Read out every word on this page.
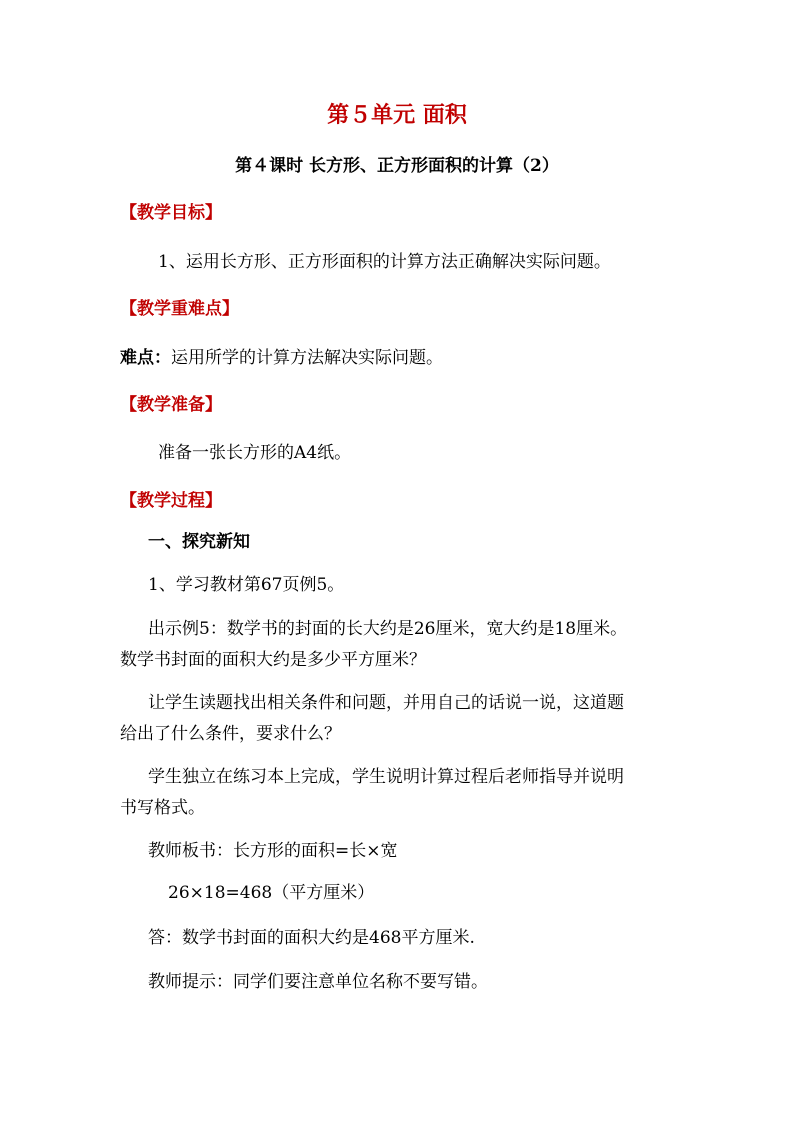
第５单元 面积
第４课时 长方形、正方形面积的计算（2）
【教学目标】
1、运用长方形、正方形面积的计算方法正确解决实际问题。
【教学重难点】
难点：运用所学的计算方法解决实际问题。
【教学准备】
准备一张长方形的A4纸。
【教学过程】
一、探究新知
1、学习教材第67页例5。
出示例5：数学书的封面的长大约是26厘米，宽大约是18厘米。
数学书封面的面积大约是多少平方厘米？
让学生读题找出相关条件和问题，并用自己的话说一说，这道题
给出了什么条件，要求什么？
学生独立在练习本上完成，学生说明计算过程后老师指导并说明
书写格式。
教师板书：长方形的面积=长×宽
26×18=468（平方厘米）
答：数学书封面的面积大约是468平方厘米.
教师提示：同学们要注意单位名称不要写错。
